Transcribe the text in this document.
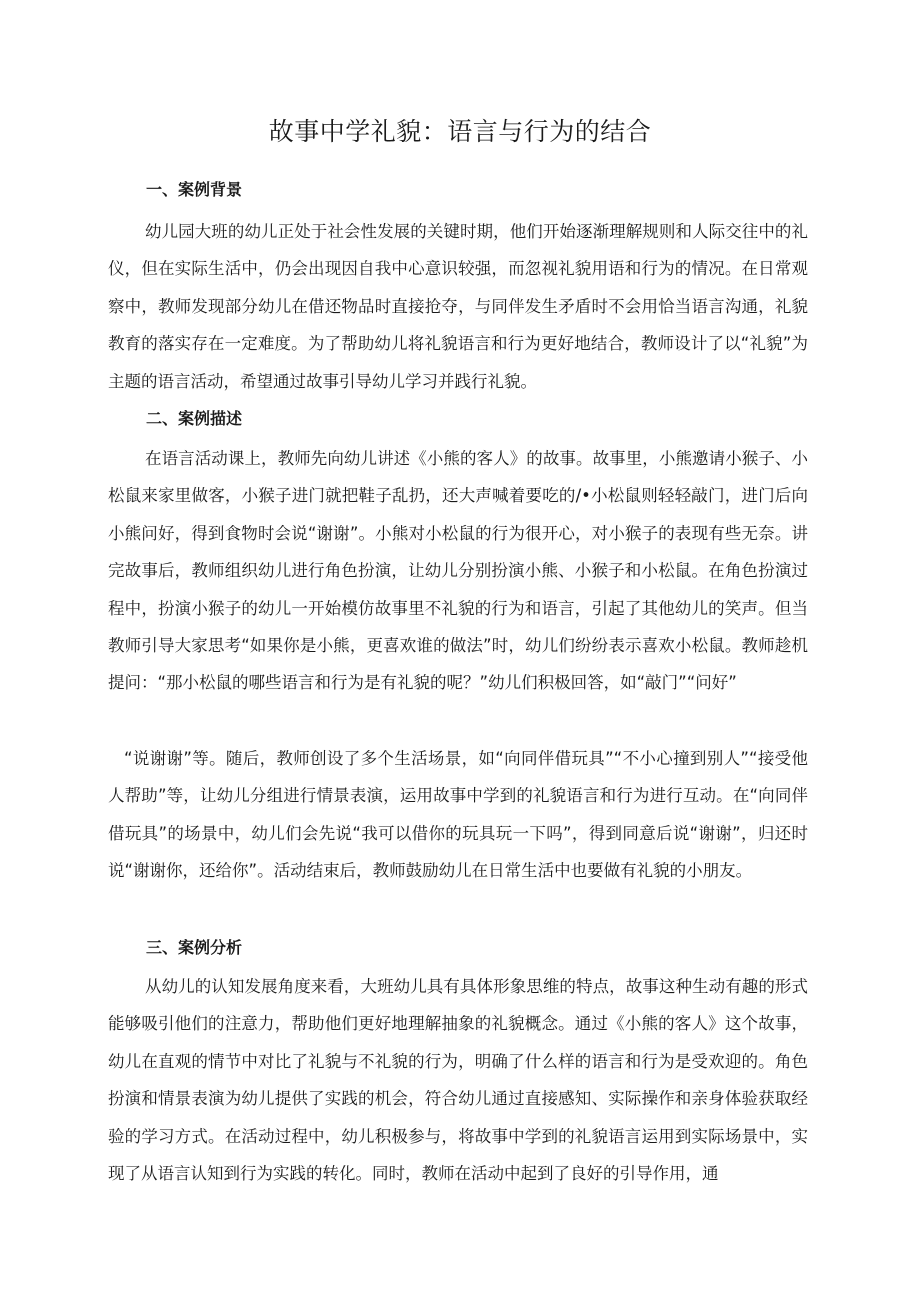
故事中学礼貌：语言与行为的结合
一、案例背景

幼儿园大班的幼儿正处于社会性发展的关键时期，他们开始逐渐理解规则和人际交往中的礼仪，但在实际生活中，仍会出现因自我中心意识较强，而忽视礼貌用语和行为的情况。在日常观察中，教师发现部分幼儿在借还物品时直接抢夺，与同伴发生矛盾时不会用恰当语言沟通，礼貌教育的落实存在一定难度。为了帮助幼儿将礼貌语言和行为更好地结合，教师设计了以“礼貌”为主题的语言活动，希望通过故事引导幼儿学习并践行礼貌。

二、案例描述

在语言活动课上，教师先向幼儿讲述《小熊的客人》的故事。故事里，小熊邀请小猴子、小松鼠来家里做客，小猴子进门就把鞋子乱扔，还大声喊着要吃的/•小松鼠则轻轻敲门，进门后向小熊问好，得到食物时会说“谢谢”。小熊对小松鼠的行为很开心，对小猴子的表现有些无奈。讲完故事后，教师组织幼儿进行角色扮演，让幼儿分别扮演小熊、小猴子和小松鼠。在角色扮演过程中，扮演小猴子的幼儿一开始模仿故事里不礼貌的行为和语言，引起了其他幼儿的笑声。但当教师引导大家思考“如果你是小熊，更喜欢谁的做法”时，幼儿们纷纷表示喜欢小松鼠。教师趁机提问：“那小松鼠的哪些语言和行为是有礼貌的呢？”幼儿们积极回答，如“敲门”“问好”

“说谢谢”等。随后，教师创设了多个生活场景，如“向同伴借玩具”“不小心撞到别人”“接受他人帮助”等，让幼儿分组进行情景表演，运用故事中学到的礼貌语言和行为进行互动。在“向同伴借玩具”的场景中，幼儿们会先说“我可以借你的玩具玩一下吗”，得到同意后说“谢谢”，归还时说“谢谢你，还给你”。活动结束后，教师鼓励幼儿在日常生活中也要做有礼貌的小朋友。

三、案例分析

从幼儿的认知发展角度来看，大班幼儿具有具体形象思维的特点，故事这种生动有趣的形式能够吸引他们的注意力，帮助他们更好地理解抽象的礼貌概念。通过《小熊的客人》这个故事，幼儿在直观的情节中对比了礼貌与不礼貌的行为，明确了什么样的语言和行为是受欢迎的。角色扮演和情景表演为幼儿提供了实践的机会，符合幼儿通过直接感知、实际操作和亲身体验获取经验的学习方式。在活动过程中，幼儿积极参与，将故事中学到的礼貌语言运用到实际场景中，实现了从语言认知到行为实践的转化。同时，教师在活动中起到了良好的引导作用，通
